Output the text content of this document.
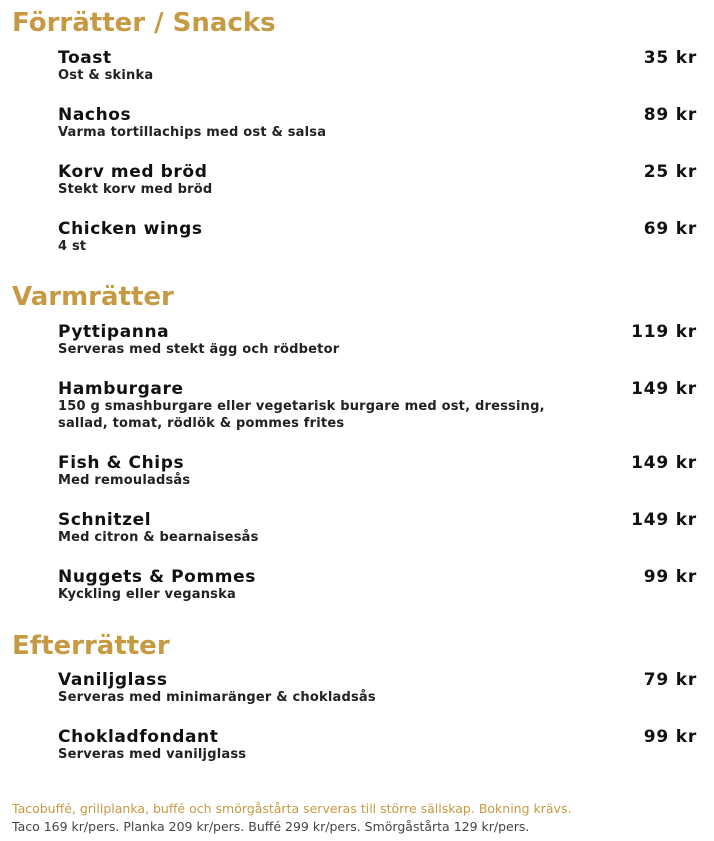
Förrätter / Snacks
Toast	35 kr
Ost & skinka
Nachos	89 kr
Varma tortillachips med ost & salsa
Korv med bröd	25 kr
Stekt korv med bröd
Chicken wings	69 kr
4 st
Varmrätter
Pyttipanna	119 kr
Serveras med stekt ägg och rödbetor
Hamburgare	149 kr
150 g smashburgare eller vegetarisk burgare med ost, dressing, sallad, tomat, rödlök & pommes frites
Fish & Chips	149 kr
Med remouladsås
Schnitzel	149 kr
Med citron & bearnaisesås
Nuggets & Pommes	99 kr
Kyckling eller veganska
Efterrätter
Vaniljglass	79 kr
Serveras med minimaränger & chokladsås
Chokladfondant	99 kr
Serveras med vaniljglass
Tacobuffé, grillplanka, buffé och smörgåstårta serveras till större sällskap. Bokning krävs.
Taco 169 kr/pers. Planka 209 kr/pers. Buffé 299 kr/pers. Smörgåstårta 129 kr/pers.
